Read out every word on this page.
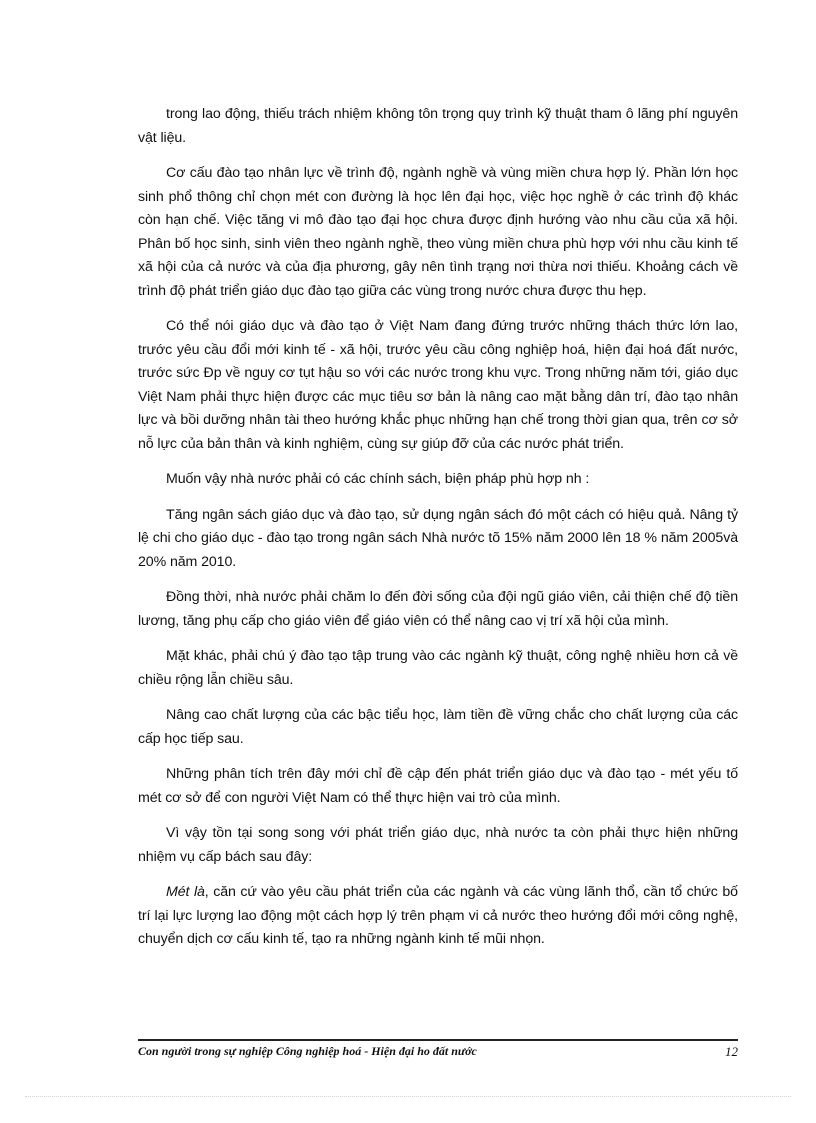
trong lao động, thiếu trách nhiệm không tôn trọng quy trình kỹ thuật tham ô lãng phí nguyên vật liệu.

Cơ cấu đào tạo nhân lực về trình độ, ngành nghề và vùng miền chưa hợp lý. Phần lớn học sinh phổ thông chỉ chọn mét con đường là học lên đại học, việc học nghề ở các trình độ khác còn hạn chế. Việc tăng vi mô đào tạo đại học chưa được định hướng vào nhu cầu của xã hội. Phân bố học sinh, sinh viên theo ngành nghề, theo vùng miền chưa phù hợp với nhu cầu kinh tế xã hội của cả nước và của địa phương, gây nên tình trạng nơi thừa nơi thiếu. Khoảng cách về trình độ phát triển giáo dục đào tạo giữa các vùng trong nước chưa được thu hẹp.

Có thể nói giáo dục và đào tạo ở Việt Nam đang đứng trước những thách thức lớn lao, trước yêu cầu đổi mới kinh tế - xã hội, trước yêu cầu công nghiệp hoá, hiện đại hoá đất nước, trước sức Đp về nguy cơ tụt hậu so với các nước trong khu vực. Trong những năm tới, giáo dục Việt Nam phải thực hiện được các mục tiêu sơ bản là nâng cao mặt bằng dân trí, đào tạo nhân lực và bồi dưỡng nhân tài theo hướng khắc phục những hạn chế trong thời gian qua, trên cơ sở nỗ lực của bản thân và kinh nghiệm, cùng sự giúp đỡ của các nước phát triển.

Muốn vậy nhà nước phải có các chính sách, biện pháp phù hợp nh :

Tăng ngân sách giáo dục và đào tạo, sử dụng ngân sách đó một cách có hiệu quả. Nâng tỷ lệ chi cho giáo dục - đào tạo trong ngân sách Nhà nước tõ 15% năm 2000 lên 18 % năm 2005và 20% năm 2010.

Đồng thời, nhà nước phải chăm lo đến đời sống của đội ngũ giáo viên, cải thiện chế độ tiền lương, tăng phụ cấp cho giáo viên để giáo viên có thể nâng cao vị trí xã hội của mình.

Mặt khác, phải chú ý đào tạo tập trung vào các ngành kỹ thuật, công nghệ nhiều hơn cả về chiều rộng lẫn chiều sâu.

Nâng cao chất lượng của các bậc tiểu học, làm tiền đề vững chắc cho chất lượng của các cấp học tiếp sau.

Những phân tích trên đây mới chỉ đề cập đến phát triển giáo dục và đào tạo - mét yếu tố mét cơ sở để con người Việt Nam có thể thực hiện vai trò của mình.

Vì vậy tồn tại song song với phát triển giáo dục, nhà nước ta còn phải thực hiện những nhiệm vụ cấp bách sau đây:

Mét là, căn cứ vào yêu cầu phát triển của các ngành và các vùng lãnh thổ, cần tổ chức bố trí lại lực lượng lao động một cách hợp lý trên phạm vi cả nước theo hướng đổi mới công nghệ, chuyển dịch cơ cấu kinh tế, tạo ra những ngành kinh tế mũi nhọn.

Con người trong sự nghiệp Công nghiệp hoá - Hiện đại ho đất nước	12
